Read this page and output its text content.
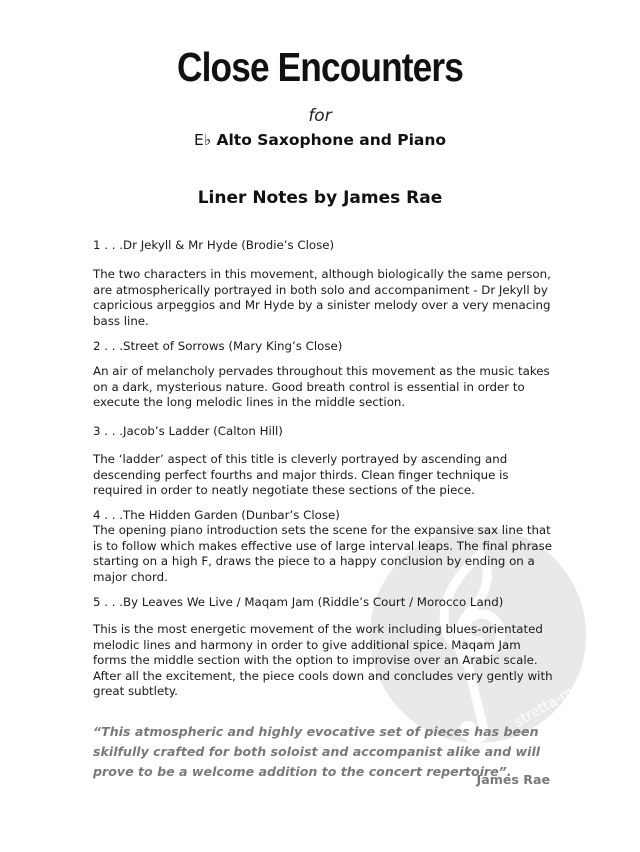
stretta-music.de
Close Encounters
for
E♭ Alto Saxophone and Piano
Liner Notes by James Rae
1 . . .Dr Jekyll & Mr Hyde (Brodie’s Close)

The two characters in this movement, although biologically the same person, are atmospherically portrayed in both solo and accompaniment - Dr Jekyll by capricious arpeggios and Mr Hyde by a sinister melody over a very menacing bass line.

2 . . .Street of Sorrows (Mary King’s Close)

An air of melancholy pervades throughout this movement as the music takes on a dark, mysterious nature. Good breath control is essential in order to execute the long melodic lines in the middle section.

3 . . .Jacob’s Ladder (Calton Hill)

The ‘ladder’ aspect of this title is cleverly portrayed by ascending and descending perfect fourths and major thirds. Clean finger technique is required in order to neatly negotiate these sections of the piece.

4 . . .The Hidden Garden (Dunbar’s Close)

The opening piano introduction sets the scene for the expansive sax line that is to follow which makes effective use of large interval leaps. The final phrase starting on a high F, draws the piece to a happy conclusion by ending on a major chord.

5 . . .By Leaves We Live / Maqam Jam (Riddle’s Court / Morocco Land)

This is the most energetic movement of the work including blues-orientated melodic lines and harmony in order to give additional spice. Maqam Jam forms the middle section with the option to improvise over an Arabic scale. After all the excitement, the piece cools down and concludes very gently with great subtlety.

“This atmospheric and highly evocative set of pieces has been skilfully crafted for both soloist and accompanist alike and will prove to be a welcome addition to the concert repertoire”.
James Rae
